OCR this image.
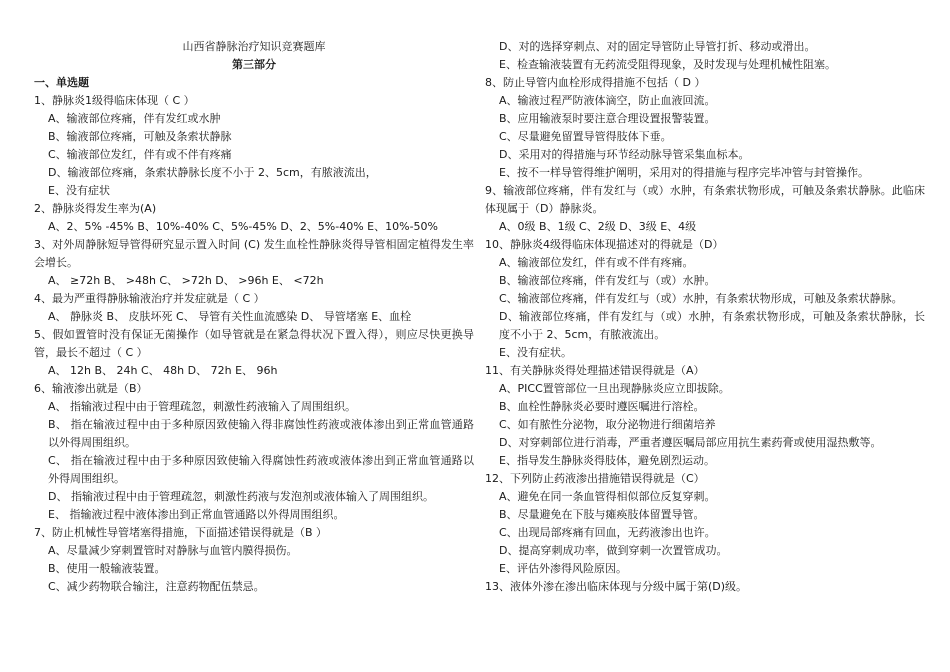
山西省静脉治疗知识竞赛题库

第三部分

一、单选题

1、静脉炎1级得临床体现（ C ）

A、输液部位疼痛，伴有发红或水肿

B、输液部位疼痛，可触及条索状静脉

C、输液部位发红，伴有或不伴有疼痛

D、输液部位疼痛，条索状静脉长度不小于 2、5cm，有脓液流出，

E、没有症状

2、静脉炎得发生率为(A)

A、2、5% -45% B、10%-40% C、5%-45% D、2、5%-40% E、10%-50%

3、对外周静脉短导管得研究显示置入时间 (C) 发生血栓性静脉炎得导管相固定植得发生率会增长。

A、 ≥72h B、 >48h C、 >72h D、 >96h E、 <72h

4、最为严重得静脉输液治疗并发症就是（ C ）

A、 静脉炎 B、 皮肤坏死 C、 导管有关性血流感染 D、 导管堵塞 E、血栓

5、假如置管时没有保证无菌操作（如导管就是在紧急得状况下置入得），则应尽快更换导管，最长不超过（ C ）

A、 12h B、 24h C、 48h D、 72h E、 96h

6、输液渗出就是（B）

A、 指输液过程中由于管理疏忽，刺激性药液输入了周围组织。

B、 指在输液过程中由于多种原因致使输入得非腐蚀性药液或液体渗出到正常血管通路以外得周围组织。

C、 指在输液过程中由于多种原因致使输入得腐蚀性药液或液体渗出到正常血管通路以外得周围组织。

D、 指输液过程中由于管理疏忽，刺激性药液与发泡剂或液体输入了周围组织。

E、 指输液过程中液体渗出到正常血管通路以外得周围组织。

7、防止机械性导管堵塞得措施，下面描述错误得就是（B ）

A、尽量减少穿刺置管时对静脉与血管内膜得损伤。

B、使用一般输液装置。

C、减少药物联合输注，注意药物配伍禁忌。

D、对的选择穿刺点、对的固定导管防止导管打折、移动或滑出。

E、检查输液装置有无药流受阻得现象，及时发现与处理机械性阻塞。

8、防止导管内血栓形成得措施不包括（ D ）

A、输液过程严防液体滴空，防止血液回流。

B、应用输液泵时要注意合理设置报警装置。

C、尽量避免留置导管得肢体下垂。

D、采用对的得措施与环节经动脉导管采集血标本。

E、按不一样导管得维护阐明，采用对的得措施与程序完毕冲管与封管操作。

9、输液部位疼痛，伴有发红与（或）水肿，有条索状物形成，可触及条索状静脉。此临床体现属于（D）静脉炎。

A、0级 B、1级 C、2级 D、3级 E、4级

10、静脉炎4级得临床体现描述对的得就是（D）

A、输液部位发红，伴有或不伴有疼痛。

B、输液部位疼痛，伴有发红与（或）水肿。

C、输液部位疼痛，伴有发红与（或）水肿，有条索状物形成，可触及条索状静脉。

D、输液部位疼痛，伴有发红与（或）水肿，有条索状物形成，可触及条索状静脉，长度不小于 2、5cm，有脓液流出。

E、没有症状。

11、有关静脉炎得处理描述错误得就是（A）

A、PICC置管部位一旦出现静脉炎应立即拔除。

B、血栓性静脉炎必要时遵医嘱进行溶栓。

C、如有脓性分泌物，取分泌物进行细菌培养

D、对穿刺部位进行消毒，严重者遵医嘱局部应用抗生素药膏或使用湿热敷等。

E、指导发生静脉炎得肢体，避免剧烈运动。

12、下列防止药液渗出措施错误得就是（C）

A、避免在同一条血管得相似部位反复穿刺。

B、尽量避免在下肢与瘫痪肢体留置导管。

C、出现局部疼痛有回血，无药液渗出也许。

D、提高穿刺成功率，做到穿刺一次置管成功。

E、评估外渗得风险原因。

13、液体外渗在渗出临床体现与分级中属于第(D)级。
